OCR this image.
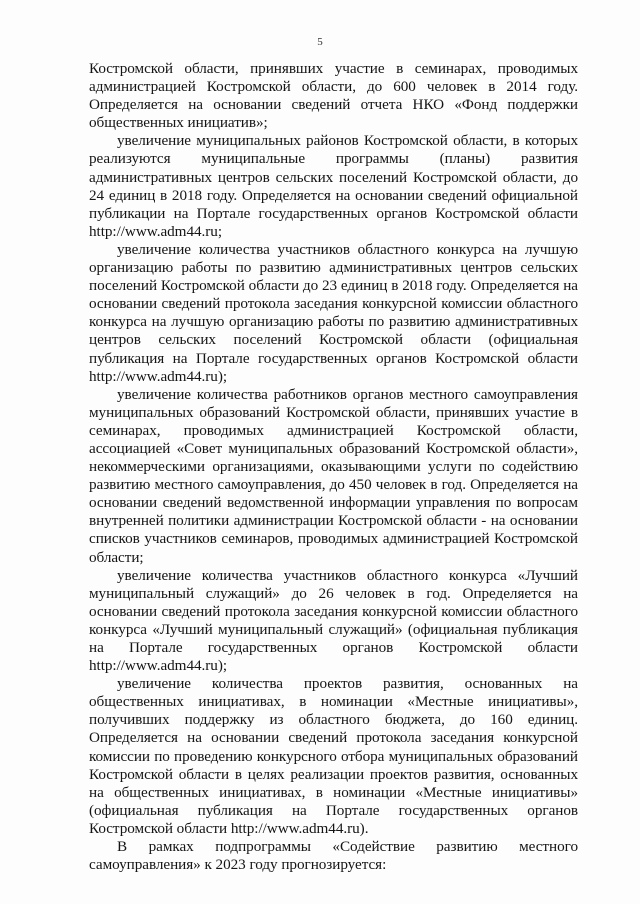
5

Костромской области, принявших участие в семинарах, проводимых администрацией Костромской области, до 600 человек в 2014 году. Определяется на основании сведений отчета НКО «Фонд поддержки общественных инициатив»;

увеличение муниципальных районов Костромской области, в которых реализуются муниципальные программы (планы) развития административных центров сельских поселений Костромской области, до 24 единиц в 2018 году. Определяется на основании сведений официальной публикации на Портале государственных органов Костромской области http://www.adm44.ru;

увеличение количества участников областного конкурса на лучшую организацию работы по развитию административных центров сельских поселений Костромской области до 23 единиц в 2018 году. Определяется на основании сведений протокола заседания конкурсной комиссии областного конкурса на лучшую организацию работы по развитию административных центров сельских поселений Костромской области (официальная публикация на Портале государственных органов Костромской области http://www.adm44.ru);

увеличение количества работников органов местного самоуправления муниципальных образований Костромской области, принявших участие в семинарах, проводимых администрацией Костромской области, ассоциацией «Совет муниципальных образований Костромской области», некоммерческими организациями, оказывающими услуги по содействию развитию местного самоуправления, до 450 человек в год. Определяется на основании сведений ведомственной информации управления по вопросам внутренней политики администрации Костромской области - на основании списков участников семинаров, проводимых администрацией Костромской области;

увеличение количества участников областного конкурса «Лучший муниципальный служащий» до 26 человек в год. Определяется на основании сведений протокола заседания конкурсной комиссии областного конкурса «Лучший муниципальный служащий» (официальная публикация на Портале государственных органов Костромской области http://www.adm44.ru);

увеличение количества проектов развития, основанных на общественных инициативах, в номинации «Местные инициативы», получивших поддержку из областного бюджета, до 160 единиц. Определяется на основании сведений протокола заседания конкурсной комиссии по проведению конкурсного отбора муниципальных образований Костромской области в целях реализации проектов развития, основанных на общественных инициативах, в номинации «Местные инициативы» (официальная публикация на Портале государственных органов Костромской области http://www.adm44.ru).

В рамках подпрограммы «Содействие развитию местного самоуправления» к 2023 году прогнозируется:
